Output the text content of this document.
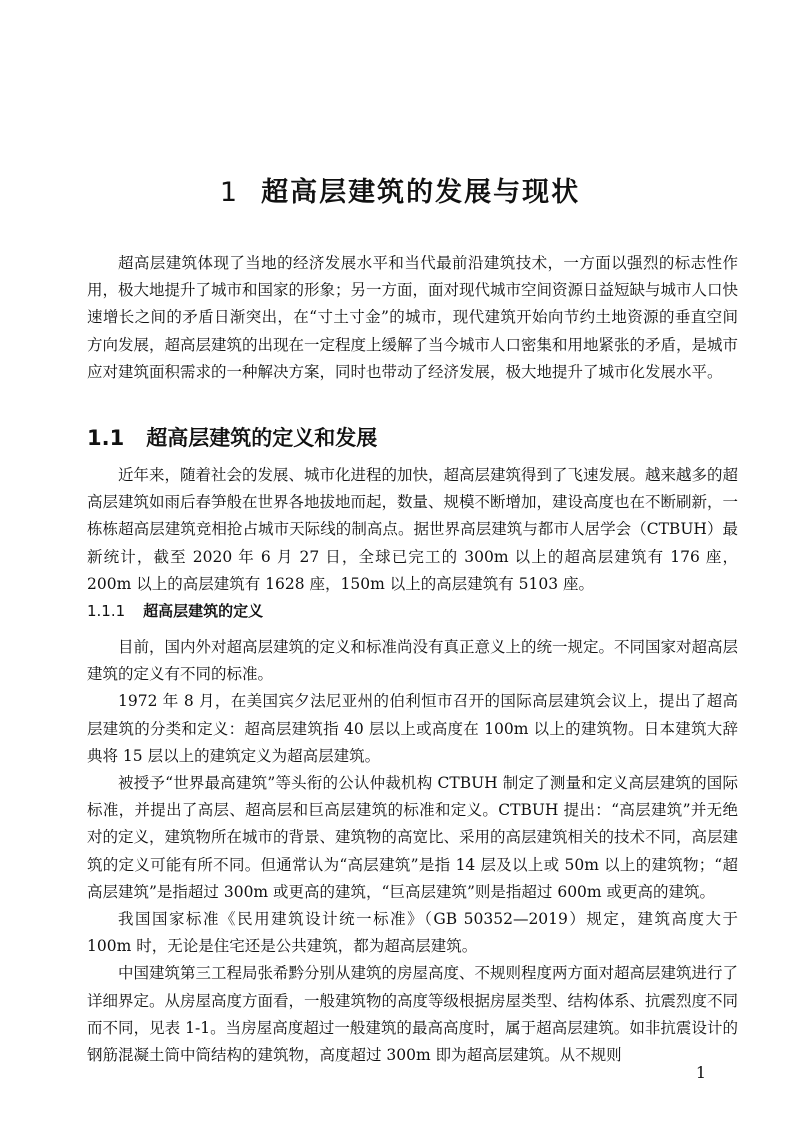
1 超高层建筑的发展与现状

超高层建筑体现了当地的经济发展水平和当代最前沿建筑技术，一方面以强烈的标志性作用，极大地提升了城市和国家的形象；另一方面，面对现代城市空间资源日益短缺与城市人口快速增长之间的矛盾日渐突出，在“寸土寸金”的城市，现代建筑开始向节约土地资源的垂直空间方向发展，超高层建筑的出现在一定程度上缓解了当今城市人口密集和用地紧张的矛盾，是城市应对建筑面积需求的一种解决方案，同时也带动了经济发展，极大地提升了城市化发展水平。

1.1 超高层建筑的定义和发展

近年来，随着社会的发展、城市化进程的加快，超高层建筑得到了飞速发展。越来越多的超高层建筑如雨后春笋般在世界各地拔地而起，数量、规模不断增加，建设高度也在不断刷新，一栋栋超高层建筑竞相抢占城市天际线的制高点。据世界高层建筑与都市人居学会（CTBUH）最新统计，截至 2020 年 6 月 27 日，全球已完工的 300m 以上的超高层建筑有 176 座，200m 以上的高层建筑有 1628 座，150m 以上的高层建筑有 5103 座。

1.1.1 超高层建筑的定义

目前，国内外对超高层建筑的定义和标准尚没有真正意义上的统一规定。不同国家对超高层建筑的定义有不同的标准。

1972 年 8 月，在美国宾夕法尼亚州的伯利恒市召开的国际高层建筑会议上，提出了超高层建筑的分类和定义：超高层建筑指 40 层以上或高度在 100m 以上的建筑物。日本建筑大辞典将 15 层以上的建筑定义为超高层建筑。

被授予“世界最高建筑”等头衔的公认仲裁机构 CTBUH 制定了测量和定义高层建筑的国际标准，并提出了高层、超高层和巨高层建筑的标准和定义。CTBUH 提出：“高层建筑”并无绝对的定义，建筑物所在城市的背景、建筑物的高宽比、采用的高层建筑相关的技术不同，高层建筑的定义可能有所不同。但通常认为“高层建筑”是指 14 层及以上或 50m 以上的建筑物；“超高层建筑”是指超过 300m 或更高的建筑，“巨高层建筑”则是指超过 600m 或更高的建筑。

我国国家标准《民用建筑设计统一标准》（GB 50352—2019）规定，建筑高度大于 100m 时，无论是住宅还是公共建筑，都为超高层建筑。

中国建筑第三工程局张希黔分别从建筑的房屋高度、不规则程度两方面对超高层建筑进行了详细界定。从房屋高度方面看，一般建筑物的高度等级根据房屋类型、结构体系、抗震烈度不同而不同，见表 1-1。当房屋高度超过一般建筑的最高高度时，属于超高层建筑。如非抗震设计的钢筋混凝土筒中筒结构的建筑物，高度超过 300m 即为超高层建筑。从不规则

1
